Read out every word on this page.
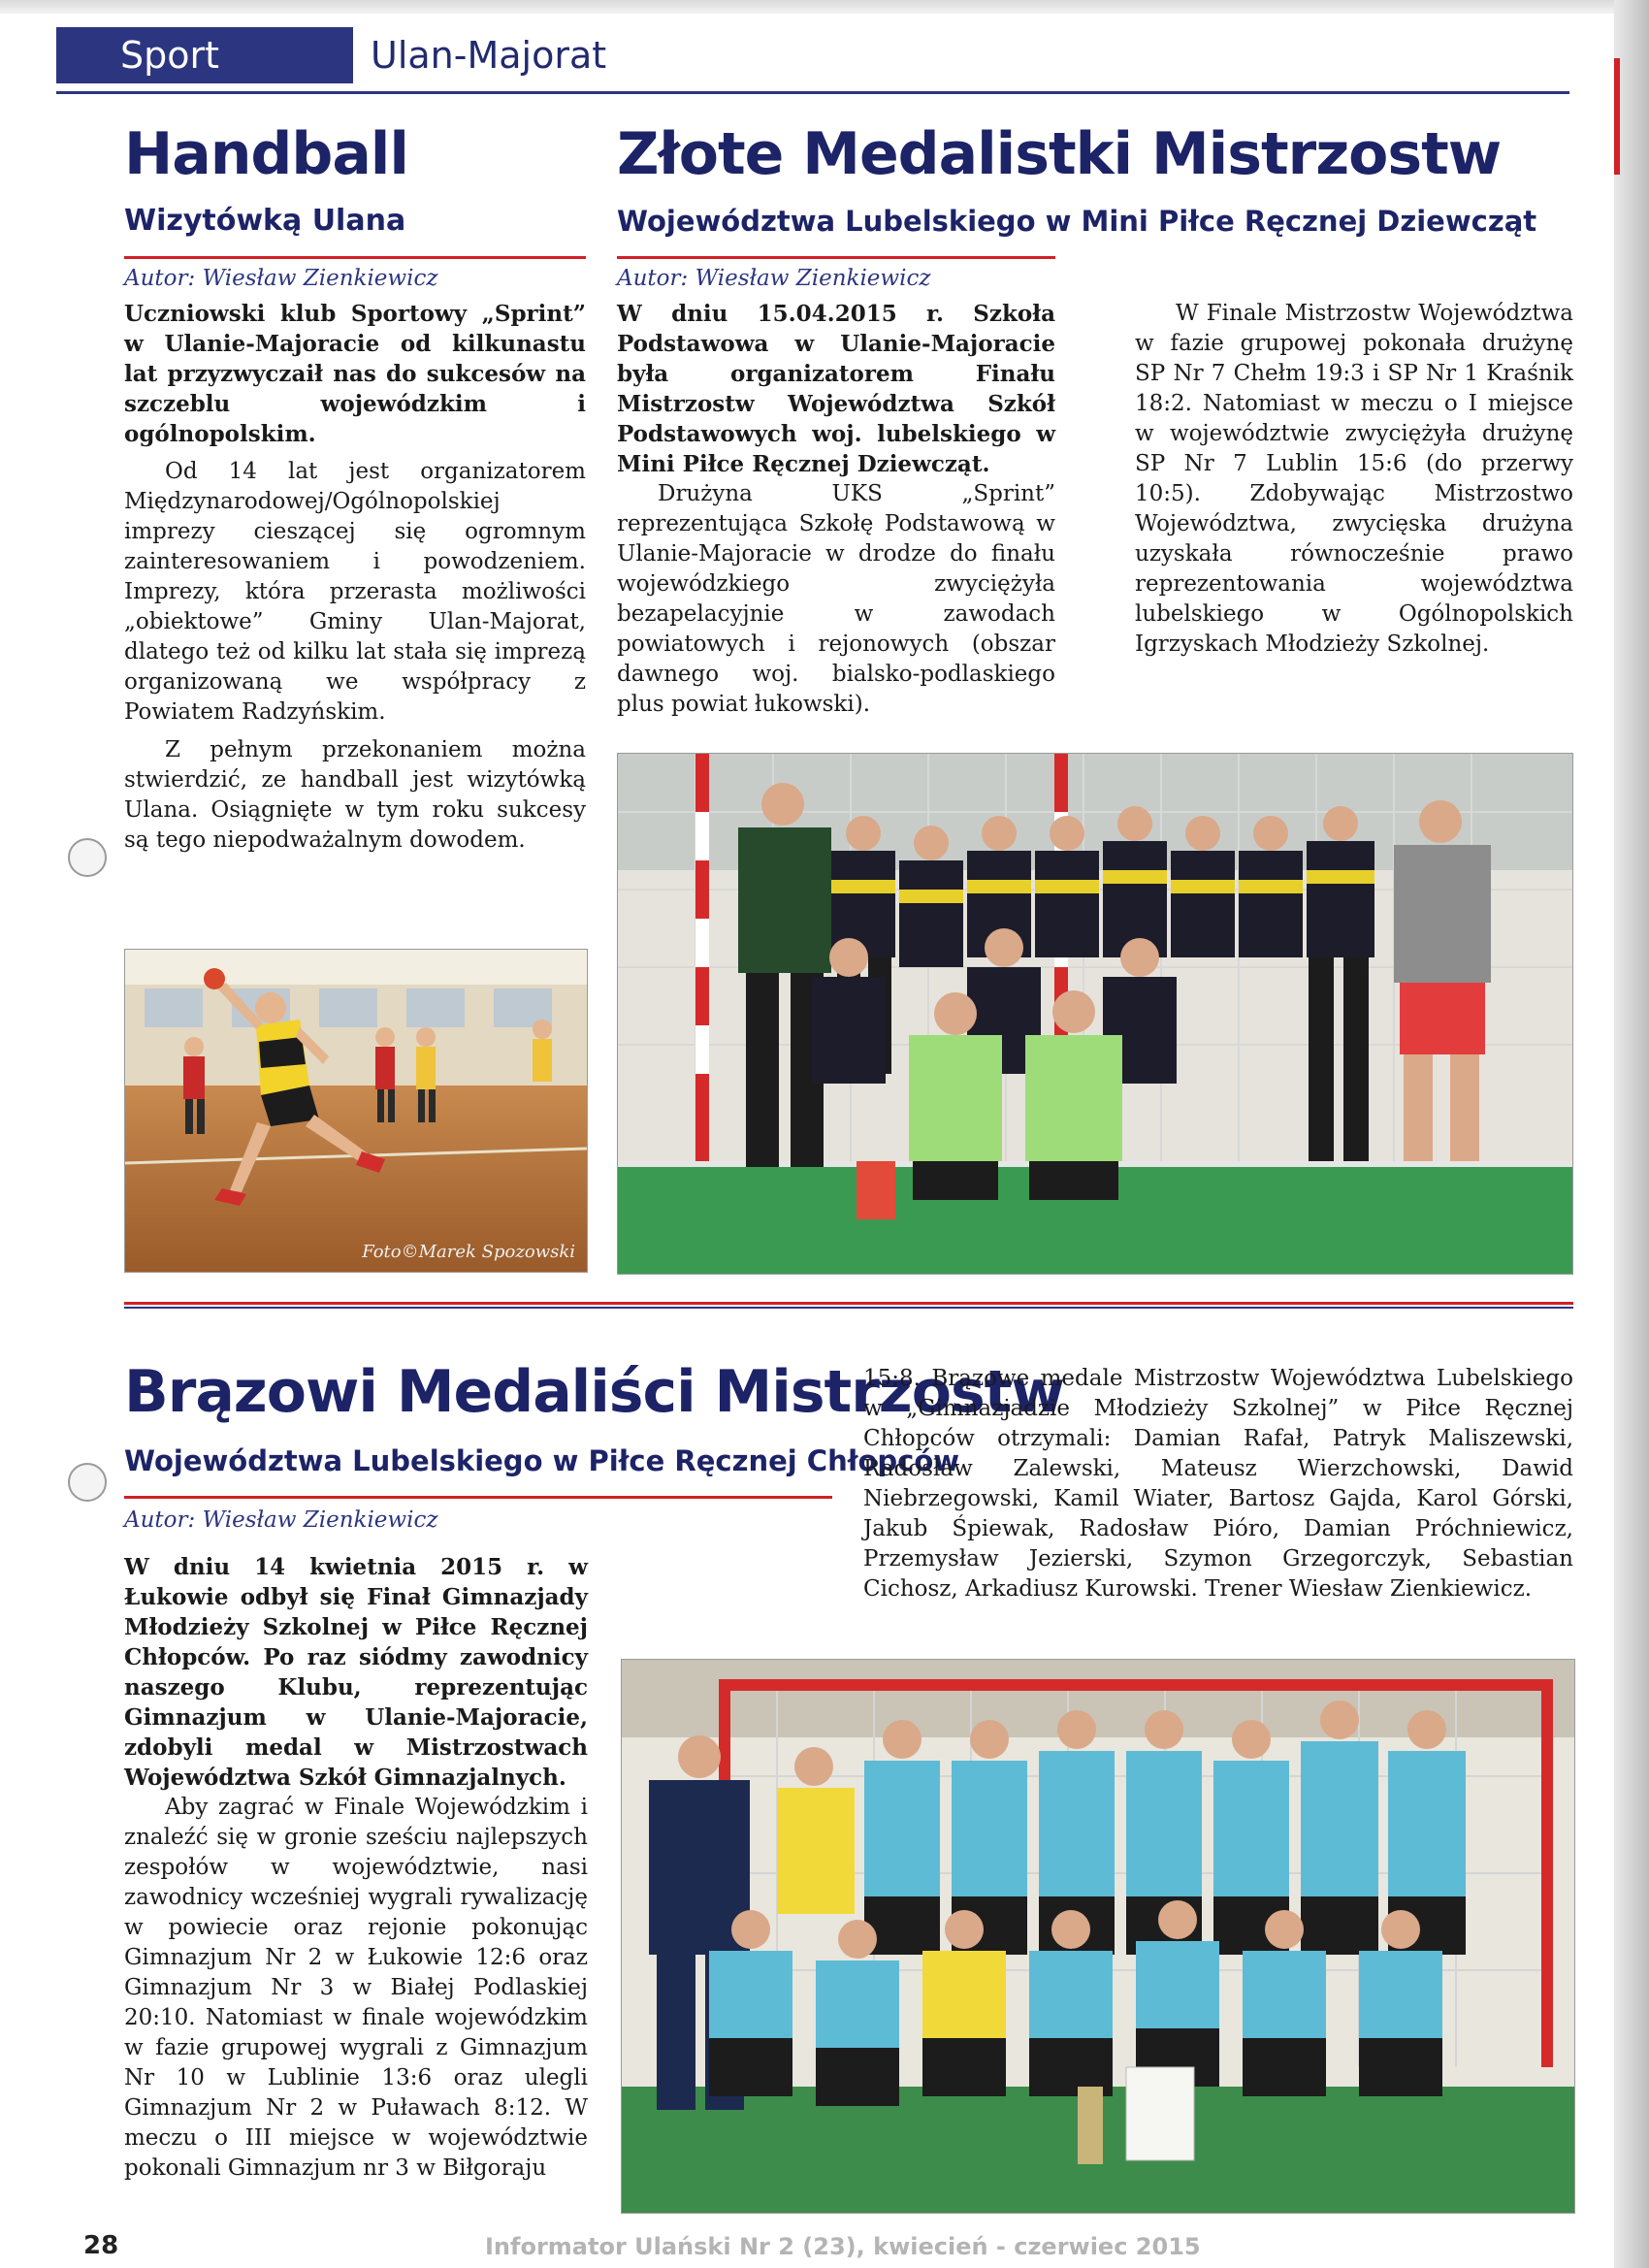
Sport	Ulan-Majorat
Handball
Wizytówką Ulana

Autor: Wiesław Zienkiewicz

Uczniowski klub Sportowy „Sprint” w Ulanie-Majoracie od kilkunastu lat przyzwyczaił nas do sukcesów na szczeblu wojewódzkim i ogólnopolskim.

Od 14 lat jest organizatorem Międzynarodowej/Ogólnopolskiej imprezy cieszącej się ogromnym zainteresowaniem i powodzeniem. Imprezy, która przerasta możliwości „obiektowe” Gminy Ulan-Majorat, dlatego też od kilku lat stała się imprezą organizowaną we współpracy z Powiatem Radzyńskim.

Z pełnym przekonaniem można stwierdzić, ze handball jest wizytówką Ulana. Osiągnięte w tym roku sukcesy są tego niepodważalnym dowodem.

Foto©Marek Spozowski
Złote Medalistki Mistrzostw
Województwa Lubelskiego w Mini Piłce Ręcznej Dziewcząt

Autor: Wiesław Zienkiewicz

W dniu 15.04.2015 r. Szkoła Podstawowa w Ulanie-Majoracie była organizatorem Finału Mistrzostw Województwa Szkół Podstawowych woj. lubelskiego w Mini Piłce Ręcznej Dziewcząt.

Drużyna UKS „Sprint” reprezentująca Szkołę Podstawową w Ulanie-Majoracie w drodze do finału wojewódzkiego zwyciężyła bezapelacyjnie w zawodach powiatowych i rejonowych (obszar dawnego woj. bialsko-podlaskiego plus powiat łukowski).

W Finale Mistrzostw Województwa w fazie grupowej pokonała drużynę SP Nr 7 Chełm 19:3 i SP Nr 1 Kraśnik 18:2. Natomiast w meczu o I miejsce w województwie zwyciężyła drużynę SP Nr 7 Lublin 15:6 (do przerwy 10:5). Zdobywając Mistrzostwo Województwa, zwycięska drużyna uzyskała równocześnie prawo reprezentowania województwa lubelskiego w Ogólnopolskich Igrzyskach Młodzieży Szkolnej.

Brązowi Medaliści Mistrzostw
Województwa Lubelskiego w Piłce Ręcznej Chłopców

Autor: Wiesław Zienkiewicz

W dniu 14 kwietnia 2015 r. w Łukowie odbył się Finał Gimnazjady Młodzieży Szkolnej w Piłce Ręcznej Chłopców. Po raz siódmy zawodnicy naszego Klubu, reprezentując Gimnazjum w Ulanie-Majoracie, zdobyli medal w Mistrzostwach Województwa Szkół Gimnazjalnych.

Aby zagrać w Finale Wojewódzkim i znaleźć się w gronie sześciu najlepszych zespołów w województwie, nasi zawodnicy wcześniej wygrali rywalizację w powiecie oraz rejonie pokonując Gimnazjum Nr 2 w Łukowie 12:6 oraz Gimnazjum Nr 3 w Białej Podlaskiej 20:10. Natomiast w finale wojewódzkim w fazie grupowej wygrali z Gimnazjum Nr 10 w Lublinie 13:6 oraz ulegli Gimnazjum Nr 2 w Puławach 8:12. W meczu o III miejsce w województwie pokonali Gimnazjum nr 3 w Biłgoraju

15:8. Brązowe medale Mistrzostw Województwa Lubelskiego w „Gimnazjadzie Młodzieży Szkolnej” w Piłce Ręcznej Chłopców otrzymali: Damian Rafał, Patryk Maliszewski, Radosław Zalewski, Mateusz Wierzchowski, Dawid Niebrzegowski, Kamil Wiater, Bartosz Gajda, Karol Górski, Jakub Śpiewak, Radosław Pióro, Damian Próchniewicz, Przemysław Jezierski, Szymon Grzegorczyk, Sebastian Cichosz, Arkadiusz Kurowski. Trener Wiesław Zienkiewicz.

28	Informator Ulański Nr 2 (23), kwiecień - czerwiec 2015
